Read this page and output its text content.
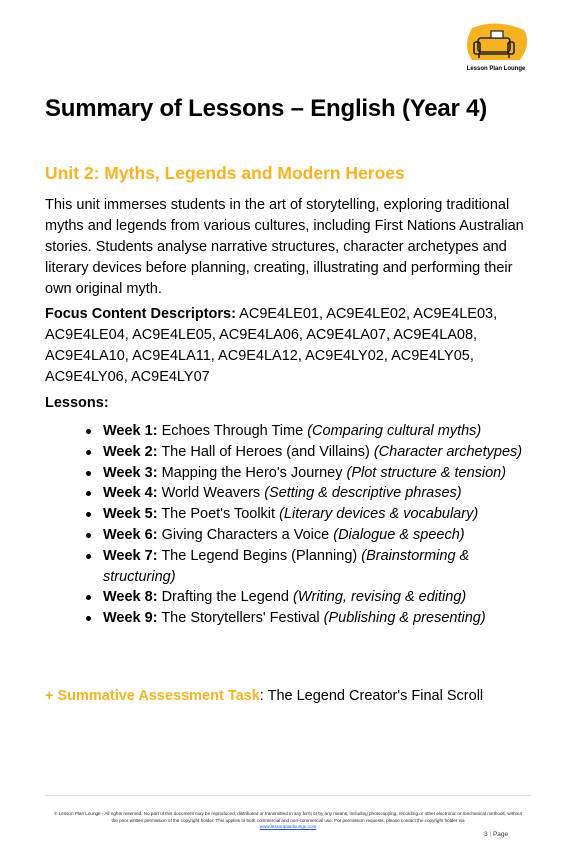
Lesson Plan Lounge
Summary of Lessons – English (Year 4)
Unit 2: Myths, Legends and Modern Heroes

This unit immerses students in the art of storytelling, exploring traditional myths and legends from various cultures, including First Nations Australian stories. Students analyse narrative structures, character archetypes and literary devices before planning, creating, illustrating and performing their own original myth.

Focus Content Descriptors: AC9E4LE01, AC9E4LE02, AC9E4LE03, AC9E4LE04, AC9E4LE05, AC9E4LA06, AC9E4LA07, AC9E4LA08, AC9E4LA10, AC9E4LA11, AC9E4LA12, AC9E4LY02, AC9E4LY05, AC9E4LY06, AC9E4LY07

Lessons:

Week 1: Echoes Through Time (Comparing cultural myths)
Week 2: The Hall of Heroes (and Villains) (Character archetypes)
Week 3: Mapping the Hero's Journey (Plot structure & tension)
Week 4: World Weavers (Setting & descriptive phrases)
Week 5: The Poet's Toolkit (Literary devices & vocabulary)
Week 6: Giving Characters a Voice (Dialogue & speech)
Week 7: The Legend Begins (Planning) (Brainstorming & structuring)
Week 8: Drafting the Legend (Writing, revising & editing)
Week 9: The Storytellers' Festival (Publishing & presenting)

+ Summative Assessment Task: The Legend Creator's Final Scroll

© Lesson Plan Lounge - All rights reserved. No part of this document may be reproduced, distributed or transmitted in any form or by any means, including photocopying, recording or other electronic or mechanical methods, without the prior written permission of the copyright holder. This applies to both commercial and non-commercial use. For permission requests, please contact the copyright holder via
www.lessonplanlounge.com

3 | Page
